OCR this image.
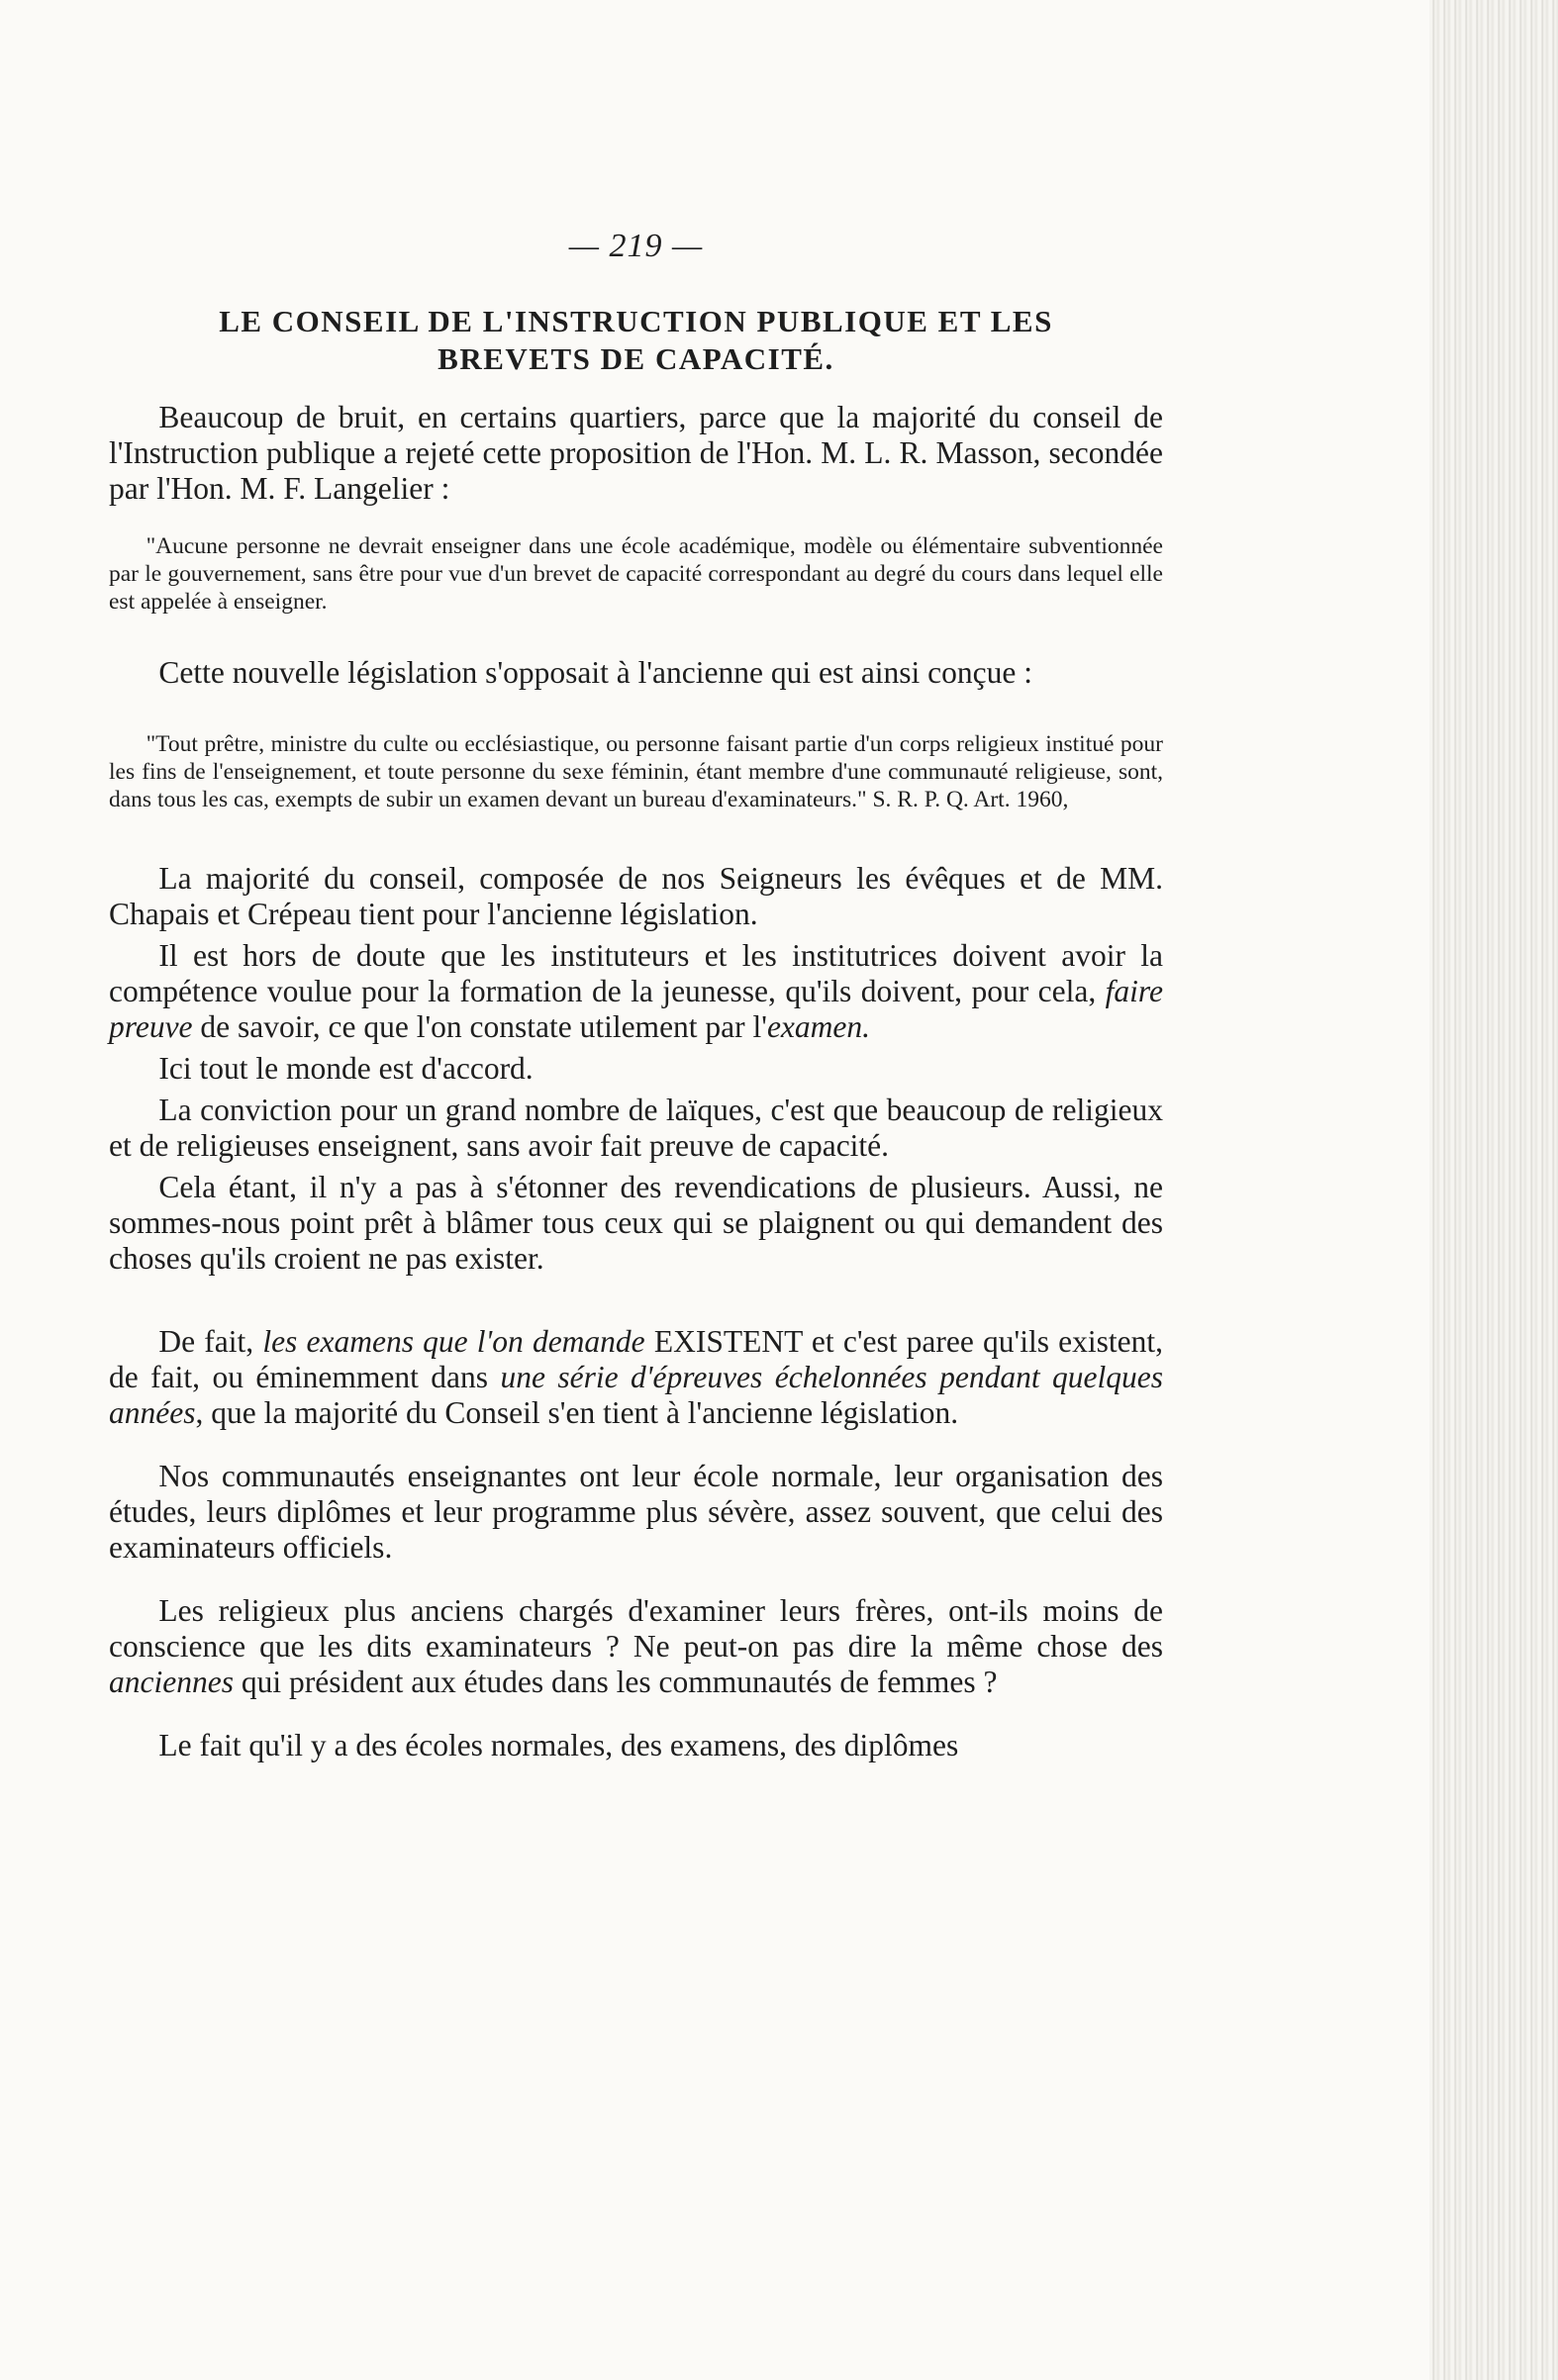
— 219 —
LE CONSEIL DE L'INSTRUCTION PUBLIQUE ET LES
BREVETS DE CAPACITÉ.

Beaucoup de bruit, en certains quartiers, parce que la majorité du conseil de l'Instruction publique a rejeté cette proposition de l'Hon. M. L. R. Masson, secondée par l'Hon. M. F. Langelier :

"Aucune personne ne devrait enseigner dans une école académique, modèle ou élémentaire subventionnée par le gouvernement, sans être pour vue d'un brevet de capacité correspondant au degré du cours dans lequel elle est appelée à enseigner.

Cette nouvelle législation s'opposait à l'ancienne qui est ainsi conçue :

"Tout prêtre, ministre du culte ou ecclésiastique, ou personne faisant partie d'un corps religieux institué pour les fins de l'enseignement, et toute personne du sexe féminin, étant membre d'une communauté religieuse, sont, dans tous les cas, exempts de subir un examen devant un bureau d'examinateurs." S. R. P. Q. Art. 1960,

La majorité du conseil, composée de nos Seigneurs les évêques et de MM. Chapais et Crépeau tient pour l'ancienne législation.

Il est hors de doute que les instituteurs et les institutrices doivent avoir la compétence voulue pour la formation de la jeunesse, qu'ils doivent, pour cela, faire preuve de savoir, ce que l'on constate utilement par l'examen.

Ici tout le monde est d'accord.

La conviction pour un grand nombre de laïques, c'est que beaucoup de religieux et de religieuses enseignent, sans avoir fait preuve de capacité.

Cela étant, il n'y a pas à s'étonner des revendications de plusieurs. Aussi, ne sommes-nous point prêt à blâmer tous ceux qui se plaignent ou qui demandent des choses qu'ils croient ne pas exister.

De fait, les examens que l'on demande EXISTENT et c'est paree qu'ils existent, de fait, ou éminemment dans une série d'épreuves échelonnées pendant quelques années, que la majorité du Conseil s'en tient à l'ancienne législation.

Nos communautés enseignantes ont leur école normale, leur organisation des études, leurs diplômes et leur programme plus sévère, assez souvent, que celui des examinateurs officiels.

Les religieux plus anciens chargés d'examiner leurs frères, ont-ils moins de conscience que les dits examinateurs ? Ne peut-on pas dire la même chose des anciennes qui président aux études dans les communautés de femmes ?

Le fait qu'il y a des écoles normales, des examens, des diplômes
